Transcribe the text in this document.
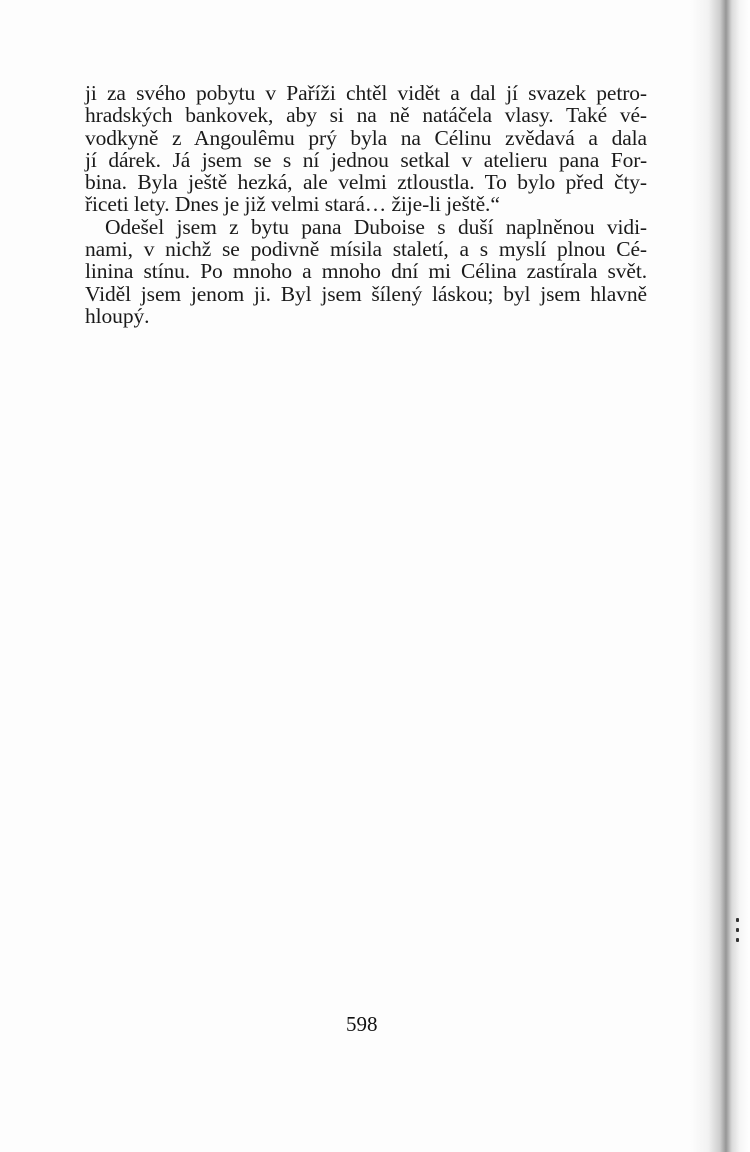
ji za svého pobytu v Paříži chtěl vidět a dal jí svazek petro-
hradských bankovek, aby si na ně natáčela vlasy. Také vé-
vodkyně z Angoulêmu prý byla na Célinu zvědavá a dala
jí dárek. Já jsem se s ní jednou setkal v atelieru pana For-
bina. Byla ještě hezká, ale velmi ztloustla. To bylo před čty-
řiceti lety. Dnes je již velmi stará… žije-li ještě.“

Odešel jsem z bytu pana Duboise s duší naplněnou vidi-
nami, v nichž se podivně mísila staletí, a s myslí plnou Cé-
linina stínu. Po mnoho a mnoho dní mi Célina zastírala svět.
Viděl jsem jenom ji. Byl jsem šílený láskou; byl jsem hlavně
hloupý.

598
